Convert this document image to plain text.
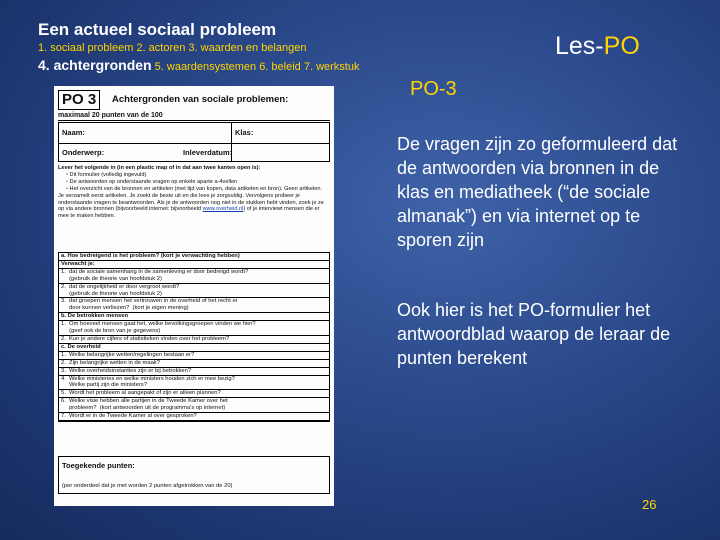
Een actueel sociaal probleem
1. sociaal probleem 2. actoren 3. waarden en belangen
4. achtergronden 5. waardensystemen 6. beleid 7. werkstuk
Les-PO
PO-3
De vragen zijn zo geformuleerd dat de antwoorden via bronnen in de klas en mediatheek (“de sociale almanak”) en via internet op te sporen zijn
Ook hier is het PO-formulier het antwoordblad waarop de leraar de punten berekent
26
PO 3	Achtergronden van sociale problemen:
maximaal 20 punten van de 100
Naam:	Klas:
Onderwerp:	Inleverdatum:
Lever het volgende in (in een plastic map of in dat aan twee kanten open is):
▫ Dit formulier (volledig ingevuld)
▫ De antwoorden op onderstaande vragen op enkele aparte a-4vellen
▫ Het overzicht van de bronnen en artikelen (met tijd van kopen, data artikelen en bron). Geen artikelen.
Je verzamelt eerst artikelen. Je zoekt de beste uit en die lees je zorgvuldig. Vervolgens probeer je onderstaande vragen te beantwoorden. Als je de antwoorden nog niet in de stukken hebt vinden, zoek je ze op via andere bronnen (bijvoorbeeld internet: bijvoorbeeld www.overheid.nl) of je interviewt mensen die er mee te maken hebben.
a. Hoe bedreigend is het probleem? (kort je verwachting hebben)
Verwacht je:
1.  dat de sociale samenhang in de samenleving er door bedreigd wordt?
(gebruik de theorie van hoofdstuk 2)
2.  dat de ongelijkheid er door vergroot wordt?
(gebruik de theorie van hoofdstuk 2)
3.  dat groepen mensen het vertrouwen in de overheid of het recht er
door kunnen verliezen?  (kort je eigen mening)
b. De betrokken mensen
1.  Om hoeveel mensen gaat het, welke bevolkingsgroepen vinden we hier?
(geef ook de bron van je gegevens)
2.  Kun je andere cijfers of statistieken vinden over het probleem?
c. De overheid
1.  Welke belangrijke wetten/regelingen bestaan er?
2.  Zijn belangrijke wetten in de maak?
3.  Welke overheidsinstanties zijn er bij betrokken?
4.  Welke ministeries en welke ministers houden zich er mee bezig?
Welke partij zijn die ministers?
5.  Wordt het probleem al aangepakt of zijn er alleen plannen?
6.  Welke visie hebben alle partijen in de Tweede Kamer over het
probleem?  (kort antwoorden uit de programma's op internet)
7.  Wordt er in de Tweede Kamer al over gesproken?
Toegekende punten:
(per onderdeel dat je met worden 2 punten afgetrokken van de 20)
